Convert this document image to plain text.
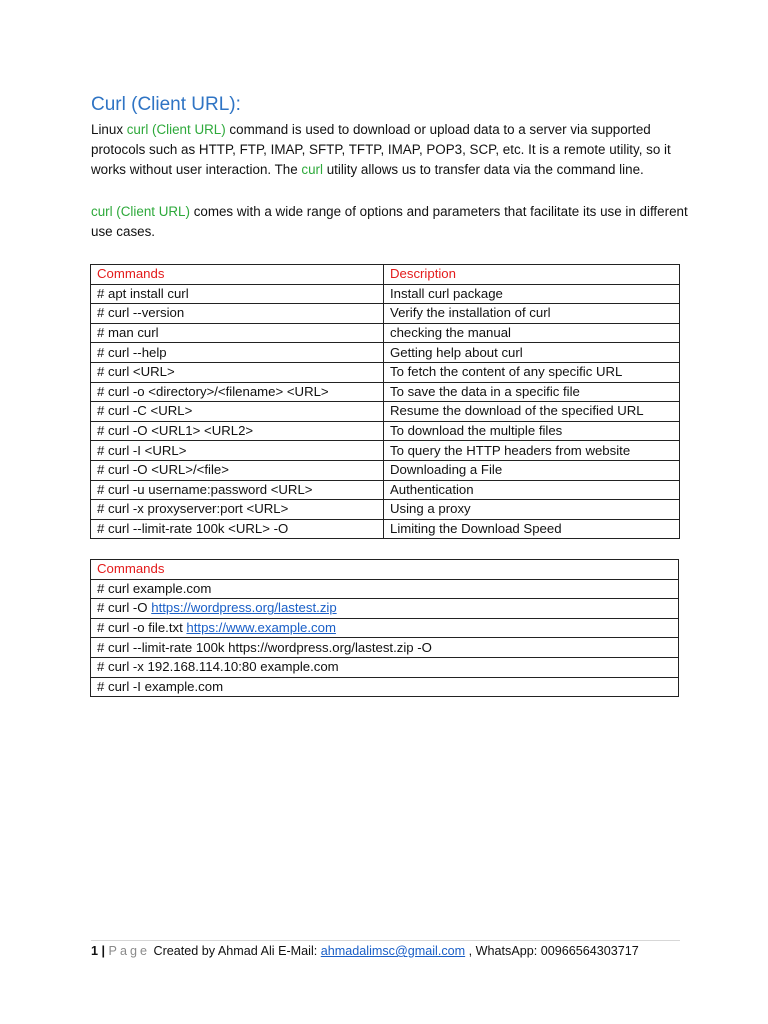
Curl (Client URL):
Linux curl (Client URL) command is used to download or upload data to a server via supported protocols such as HTTP, FTP, IMAP, SFTP, TFTP, IMAP, POP3, SCP, etc. It is a remote utility, so it works without user interaction. The curl utility allows us to transfer data via the command line.
curl (Client URL) comes with a wide range of options and parameters that facilitate its use in different use cases.
Commands	Description
# apt install curl	Install curl package
# curl --version	Verify the installation of curl
# man curl	checking the manual
# curl --help	Getting help about curl
# curl <URL>	To fetch the content of any specific URL
# curl -o <directory>/<filename> <URL>	To save the data in a specific file
# curl -C <URL>	Resume the download of the specified URL
# curl -O <URL1> <URL2>	To download the multiple files
# curl -I <URL>	To query the HTTP headers from website
# curl -O <URL>/<file>	Downloading a File
# curl -u username:password <URL>	Authentication
# curl -x proxyserver:port <URL>	Using a proxy
# curl --limit-rate 100k <URL> -O	Limiting the Download Speed
Commands
# curl example.com
# curl -O https://wordpress.org/lastest.zip
# curl -o file.txt https://www.example.com
# curl --limit-rate 100k https://wordpress.org/lastest.zip -O
# curl -x 192.168.114.10:80 example.com
# curl -I example.com
1 | Page Created by Ahmad Ali E-Mail: ahmadalimsc@gmail.com , WhatsApp: 00966564303717
